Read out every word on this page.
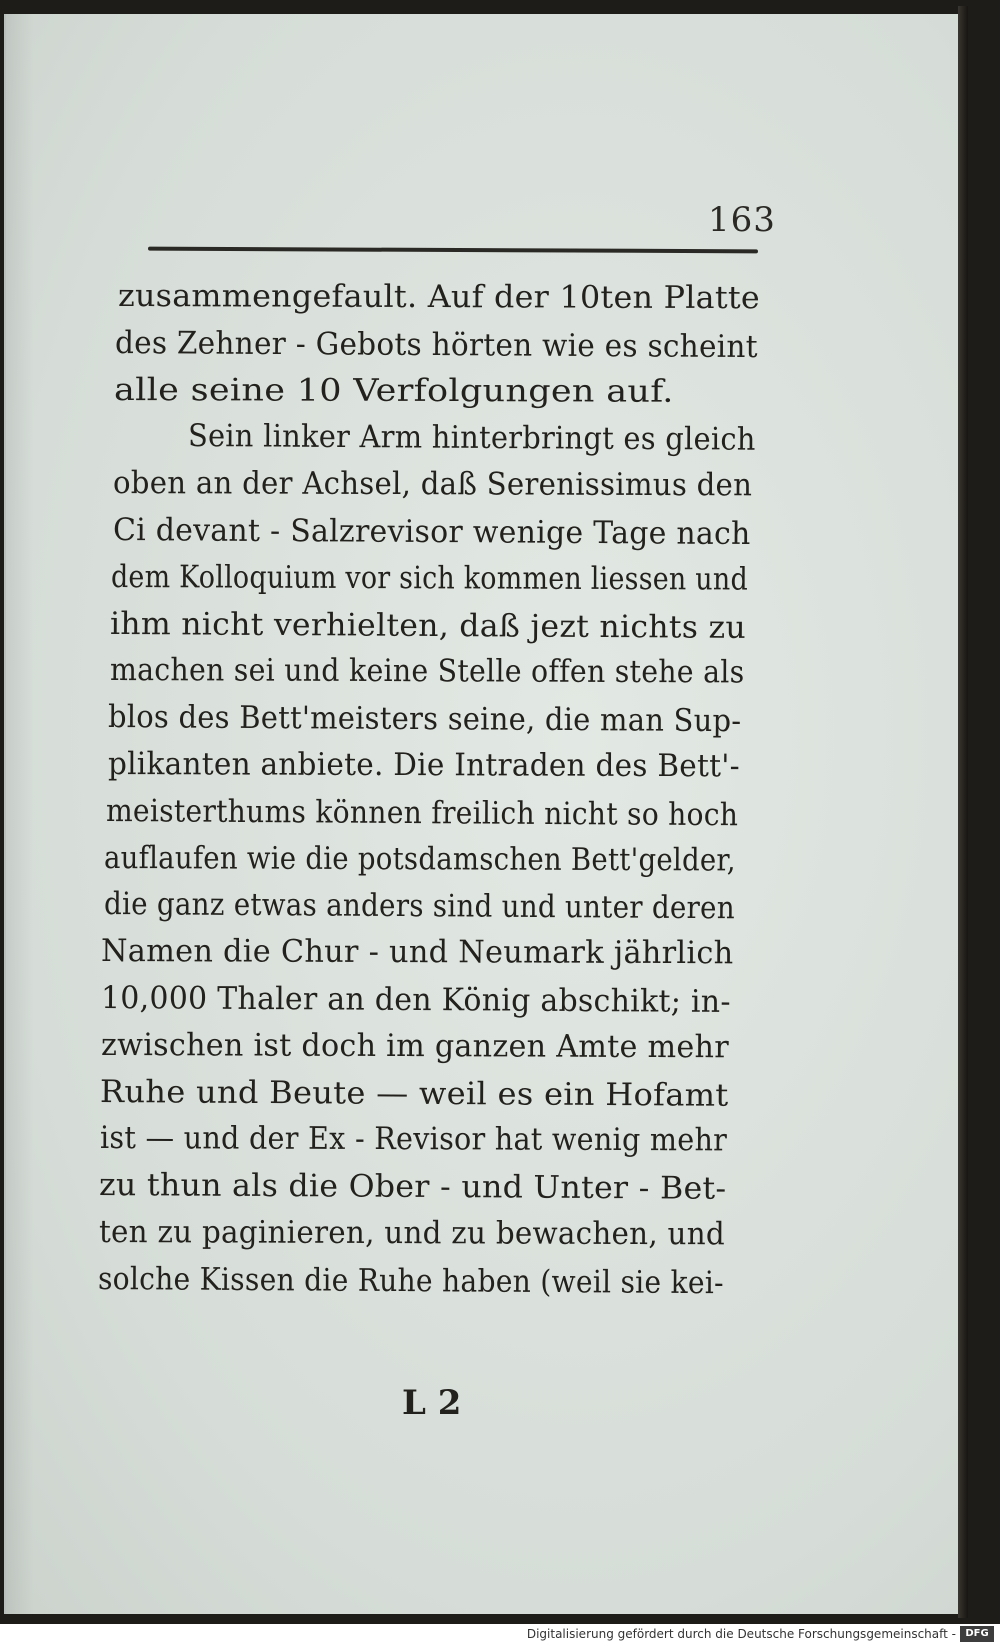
163
zusammengefault. Auf der 10ten Platte
des Zehner - Gebots hörten wie es scheint
alle seine 10 Verfolgungen auf.
Sein linker Arm hinterbringt es gleich
oben an der Achsel, daß Serenissimus den
Ci devant - Salzrevisor wenige Tage nach
dem Kolloquium vor sich kommen liessen und
ihm nicht verhielten, daß jezt nichts zu
machen sei und keine Stelle offen stehe als
blos des Bett'meisters seine, die man Sup-
plikanten anbiete. Die Intraden des Bett'-
meisterthums können freilich nicht so hoch
auflaufen wie die potsdamschen Bett'gelder,
die ganz etwas anders sind und unter deren
Namen die Chur - und Neumark jährlich
10,000 Thaler an den König abschikt; in-
zwischen ist doch im ganzen Amte mehr
Ruhe und Beute — weil es ein Hofamt
ist — und der Ex - Revisor hat wenig mehr
zu thun als die Ober - und Unter - Bet-
ten zu paginieren, und zu bewachen, und
solche Kissen die Ruhe haben (weil sie kei-
L 2
Digitalisierung gefördert durch die Deutsche Forschungsgemeinschaft - DFG
